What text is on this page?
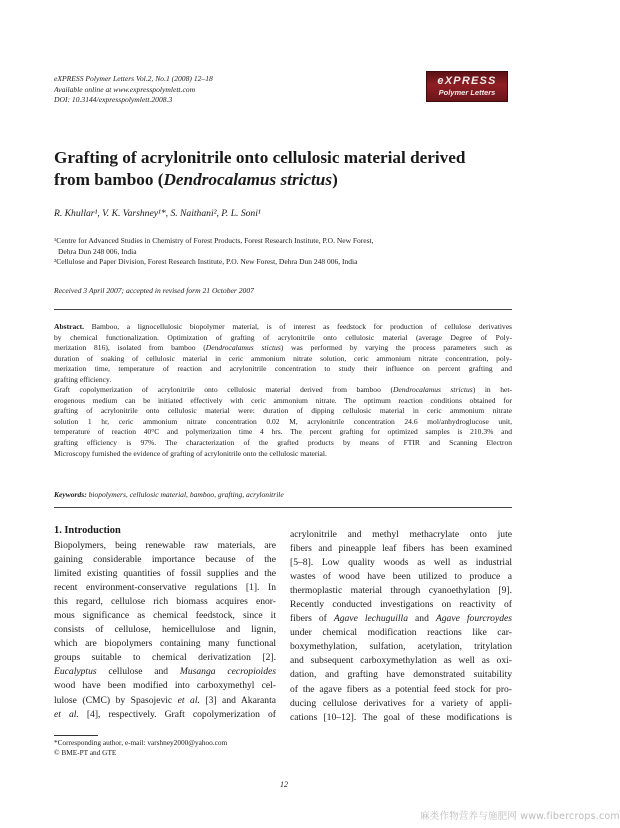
eXPRESS Polymer Letters Vol.2, No.1 (2008) 12–18
Available online at www.expresspolymlett.com
DOI: 10.3144/expresspolymlett.2008.3
eXPRESS
Polymer Letters
Grafting of acrylonitrile onto cellulosic material derived
from bamboo (Dendrocalamus strictus)
R. Khullar¹, V. K. Varshney¹*, S. Naithani², P. L. Soni¹
¹Centre for Advanced Studies in Chemistry of Forest Products, Forest Research Institute, P.O. New Forest,
Dehra Dun 248 006, India
²Cellulose and Paper Division, Forest Research Institute, P.O. New Forest, Dehra Dun 248 006, India
Received 3 April 2007; accepted in revised form 21 October 2007
Abstract. Bamboo, a lignocellulosic biopolymer material, is of interest as feedstock for production of cellulose derivatives
by chemical functionalization. Optimization of grafting of acrylonitrile onto cellulosic material (average Degree of Poly-
merization 816), isolated from bamboo (Dendrocalamus stictus) was performed by varying the process parameters such as
duration of soaking of cellulosic material in ceric ammonium nitrate solution, ceric ammonium nitrate concentration, poly-
merization time, temperature of reaction and acrylonitrile concentration to study their influence on percent grafting and
grafting efficiency.
Graft copolymerization of acrylonitrile onto cellulosic material derived from bamboo (Dendrocalamus strictus) in het-
erogenous medium can be initiated effectively with ceric ammonium nitrate. The optimum reaction conditions obtained for
grafting of acrylonitrile onto cellulosic material were: duration of dipping cellulosic material in ceric ammonium nitrate
solution 1 hr, ceric ammonium nitrate concentration 0.02 M, acrylonitrile concentration 24.6 mol/anhydroglucose unit,
temperature of reaction 40°C and polymerization time 4 hrs. The percent grafting for optimized samples is 210.3% and
grafting efficiency is 97%. The characterization of the grafted products by means of FTIR and Scanning Electron
Microscopy furnished the evidence of grafting of acrylonitrile onto the cellulosic material.
Keywords: biopolymers, cellulosic material, bamboo, grafting, acrylonitrile
1. Introduction
Biopolymers, being renewable raw materials, are
gaining considerable importance because of the
limited existing quantities of fossil supplies and the
recent environment-conservative regulations [1]. In
this regard, cellulose rich biomass acquires enor-
mous significance as chemical feedstock, since it
consists of cellulose, hemicellulose and lignin,
which are biopolymers containing many functional
groups suitable to chemical derivatization [2].
Eucalyptus cellulose and Musanga cecropioides
wood have been modified into carboxymethyl cel-
lulose (CMC) by Spasojevic et al. [3] and Akaranta
et al. [4], respectively. Graft copolymerization of
acrylonitrile and methyl methacrylate onto jute
fibers and pineapple leaf fibers has been examined
[5–8]. Low quality woods as well as industrial
wastes of wood have been utilized to produce a
thermoplastic material through cyanoethylation [9].
Recently conducted investigations on reactivity of
fibers of Agave lechuguilla and Agave fourcroydes
under chemical modification reactions like car-
boxymethylation, sulfation, acetylation, tritylation
and subsequent carboxymethylation as well as oxi-
dation, and grafting have demonstrated suitability
of the agave fibers as a potential feed stock for pro-
ducing cellulose derivatives for a variety of appli-
cations [10–12]. The goal of these modifications is
*Corresponding author, e-mail: varshney2000@yahoo.com
© BME-PT and GTE
12
麻类作物营养与施肥网 www.fibercrops.com
